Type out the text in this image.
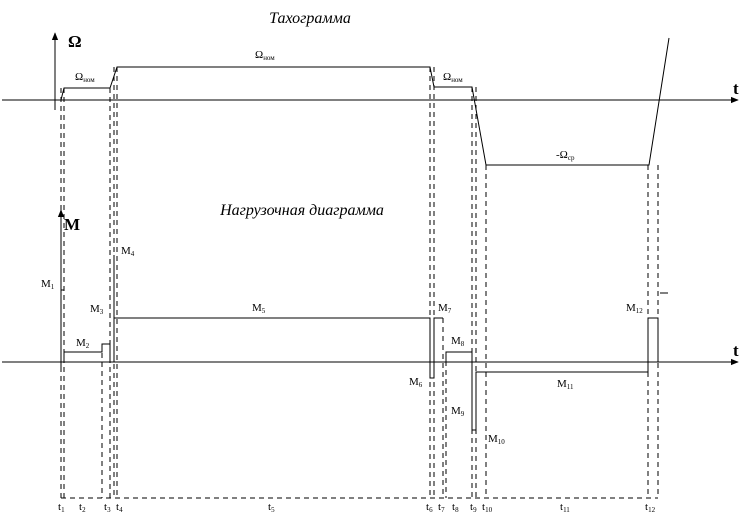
Тахограмма
Нагрузочная диаграмма
Ω
t
M
t
Ωном
Ωном
Ωном
-Ωср
M1
M2
M3
M4
M5
M6
M7
M8
M9
M10
M11
M12
t1 t2 t3 t4	t5	t6 t7 t8 t9 t10	t11	t12
